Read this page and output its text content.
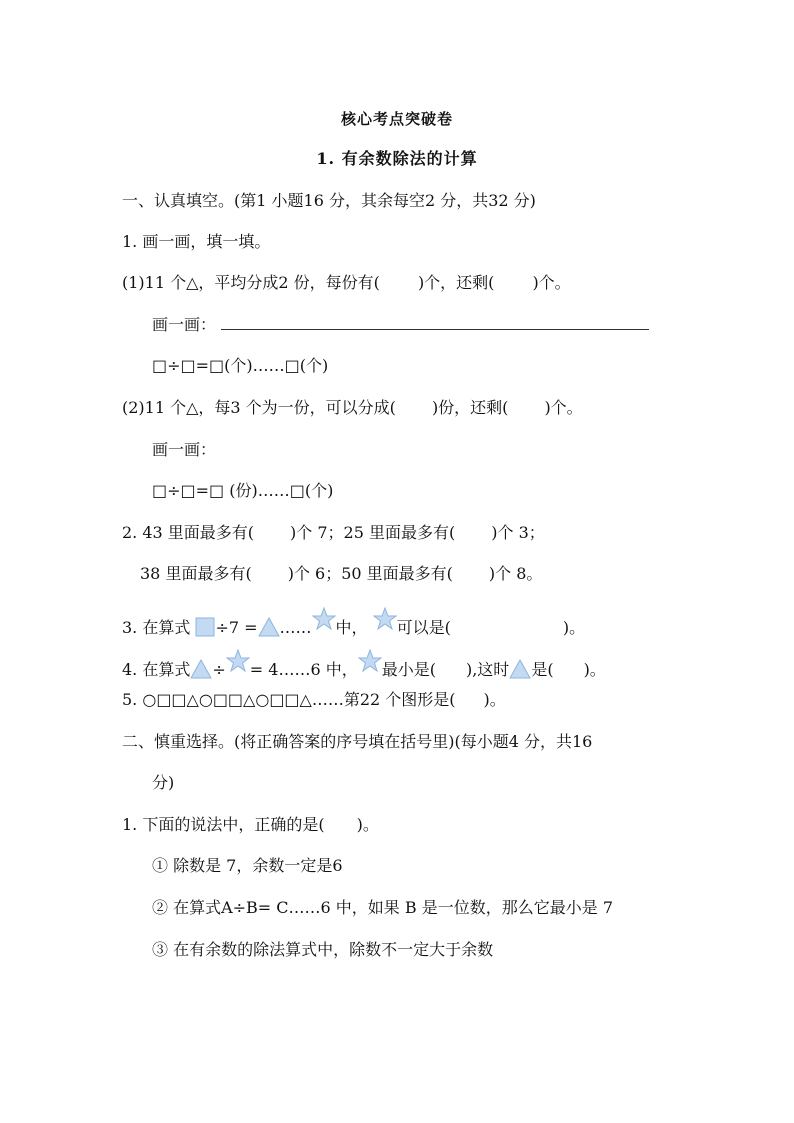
核心考点突破卷
1. 有余数除法的计算
一、认真填空。(第1 小题16 分，其余每空2 分，共32 分)
1. 画一画，填一填。
(1)11 个△，平均分成2 份，每份有( )个，还剩( )个。
画一画：
□÷□=□(个)……□(个)
(2)11 个△，每3 个为一份，可以分成( )份，还剩( )个。
画一画：
□÷□=□ (份)……□(个)
2. 43 里面最多有( )个 7；25 里面最多有( )个 3；
38 里面最多有( )个 6；50 里面最多有( )个 8。
3. 在算式 ÷7 = …… 中， 可以是(	)。
4. 在算式 ÷ = 4……6 中， 最小是( ),这时 是( )。
5. ○□□△○□□△○□□△……第22 个图形是( )。
二、慎重选择。(将正确答案的序号填在括号里)(每小题4 分，共16
分)
1. 下面的说法中，正确的是( )。
① 除数是 7，余数一定是6
② 在算式A÷B= C……6 中，如果 B 是一位数，那么它最小是 7
③ 在有余数的除法算式中，除数不一定大于余数
